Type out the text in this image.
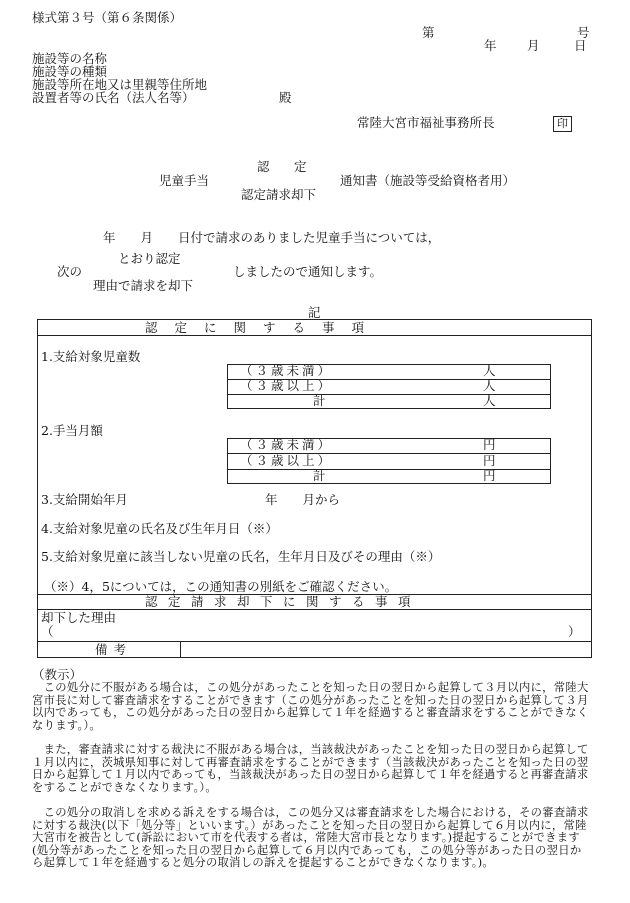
様式第３号（第６条関係）
第	号
年 月	日
施設等の名称
施設等の種類
施設等所在地又は里親等住所地
設置者等の氏名（法人名等）	殿
常陸大宮市福祉事務所長	印
認　定
児童手当	通知書（施設等受給資格者用）
認定請求却下
年　　月　　日付で請求のありました児童手当については，
とおり認定
次の	しましたので通知します。
理由で請求を却下
記
認定に関する事項
1.支給対象児童数
（３歳未満）	人
（３歳以上）	人
計	人
2.手当月額
（３歳未満）	円
（３歳以上）	円
計	円
3.支給開始年月	年　　月から
4.支給対象児童の氏名及び生年月日（※）
5.支給対象児童に該当しない児童の氏名，生年月日及びその理由（※）
（※）4，5については，この通知書の別紙をご確認ください。
認定請求却下に関する事項
却下した理由
（	）
備考
（教示）
　この処分に不服がある場合は，この処分があったことを知った日の翌日から起算して３月以内に，常陸大宮市長に対して審査請求をすることができます（この処分があったことを知った日の翌日から起算して３月以内であっても，この処分があった日の翌日から起算して１年を経過すると審査請求をすることができなくなります。）。
　また，審査請求に対する裁決に不服がある場合は，当該裁決があったことを知った日の翌日から起算して１月以内に，茨城県知事に対して再審査請求をすることができます（当該裁決があったことを知った日の翌日から起算して１月以内であっても，当該裁決があった日の翌日から起算して１年を経過すると再審査請求をすることができなくなります。）。
　この処分の取消しを求める訴えをする場合は，この処分又は審査請求をした場合における，その審査請求に対する裁決(以下「処分等」といいます。）があったことを知った日の翌日から起算して６月以内に，常陸大宮市を被告として(訴訟において市を代表する者は，常陸大宮市長となります。)提起することができます(処分等があったことを知った日の翌日から起算して６月以内であっても，この処分等があった日の翌日から起算して１年を経過すると処分の取消しの訴えを提起することができなくなります。)。
